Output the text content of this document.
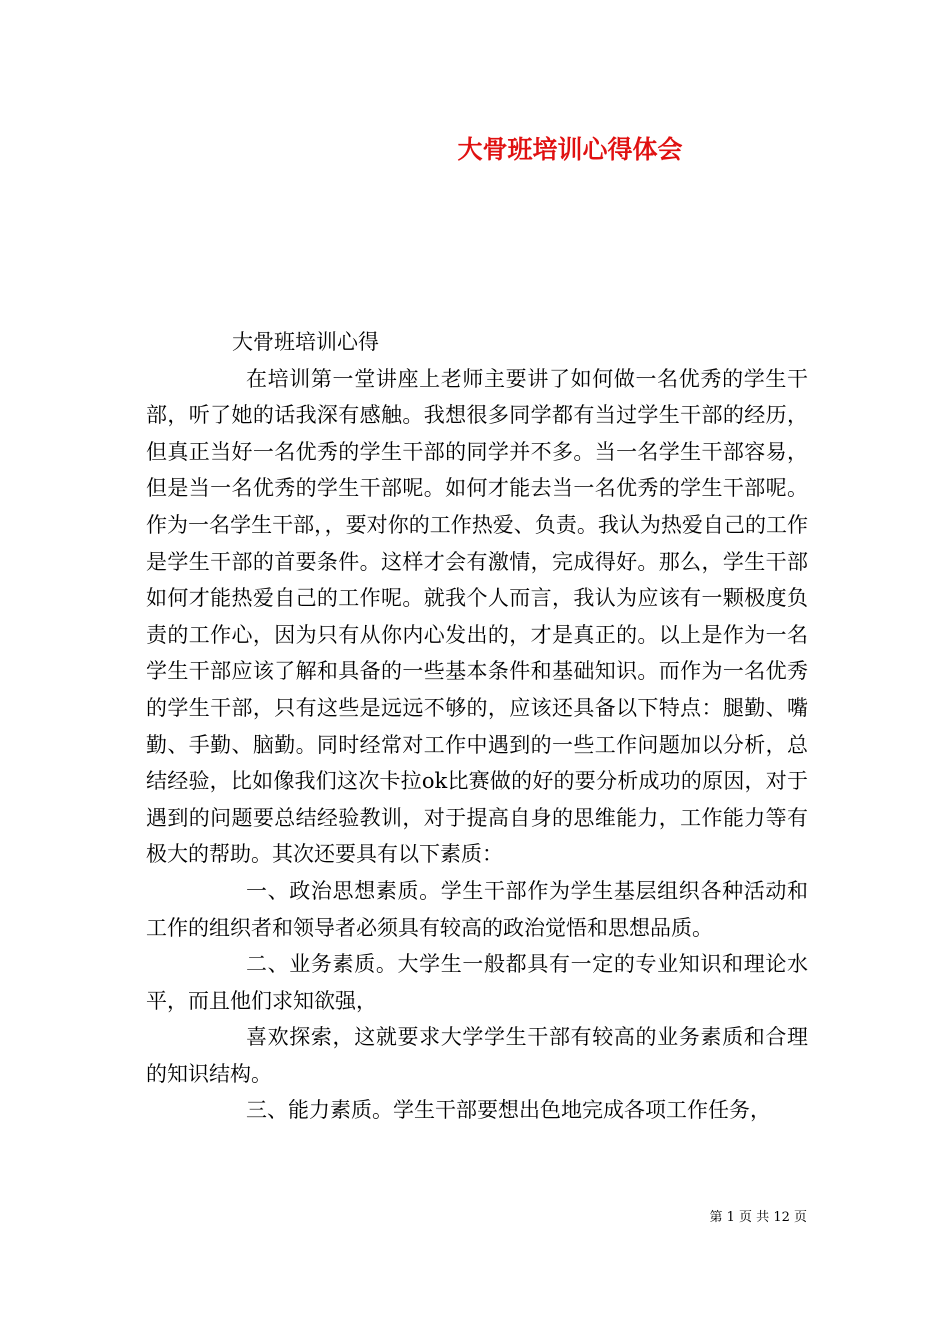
大骨班培训心得体会

大骨班培训心得

在培训第一堂讲座上老师主要讲了如何做一名优秀的学生干部，听了她的话我深有感触。我想很多同学都有当过学生干部的经历，但真正当好一名优秀的学生干部的同学并不多。当一名学生干部容易，但是当一名优秀的学生干部呢。如何才能去当一名优秀的学生干部呢。作为一名学生干部，，要对你的工作热爱、负责。我认为热爱自己的工作是学生干部的首要条件。这样才会有激情，完成得好。那么，学生干部如何才能热爱自己的工作呢。就我个人而言，我认为应该有一颗极度负责的工作心，因为只有从你内心发出的，才是真正的。以上是作为一名学生干部应该了解和具备的一些基本条件和基础知识。而作为一名优秀的学生干部，只有这些是远远不够的，应该还具备以下特点：腿勤、嘴勤、手勤、脑勤。同时经常对工作中遇到的一些工作问题加以分析，总结经验，比如像我们这次卡拉ok比赛做的好的要分析成功的原因，对于遇到的问题要总结经验教训，对于提高自身的思维能力，工作能力等有极大的帮助。其次还要具有以下素质：

一、政治思想素质。学生干部作为学生基层组织各种活动和工作的组织者和领导者必须具有较高的政治觉悟和思想品质。

二、业务素质。大学生一般都具有一定的专业知识和理论水平，而且他们求知欲强，

喜欢探索，这就要求大学学生干部有较高的业务素质和合理的知识结构。

三、能力素质。学生干部要想出色地完成各项工作任务，

第 1 页 共 12 页
